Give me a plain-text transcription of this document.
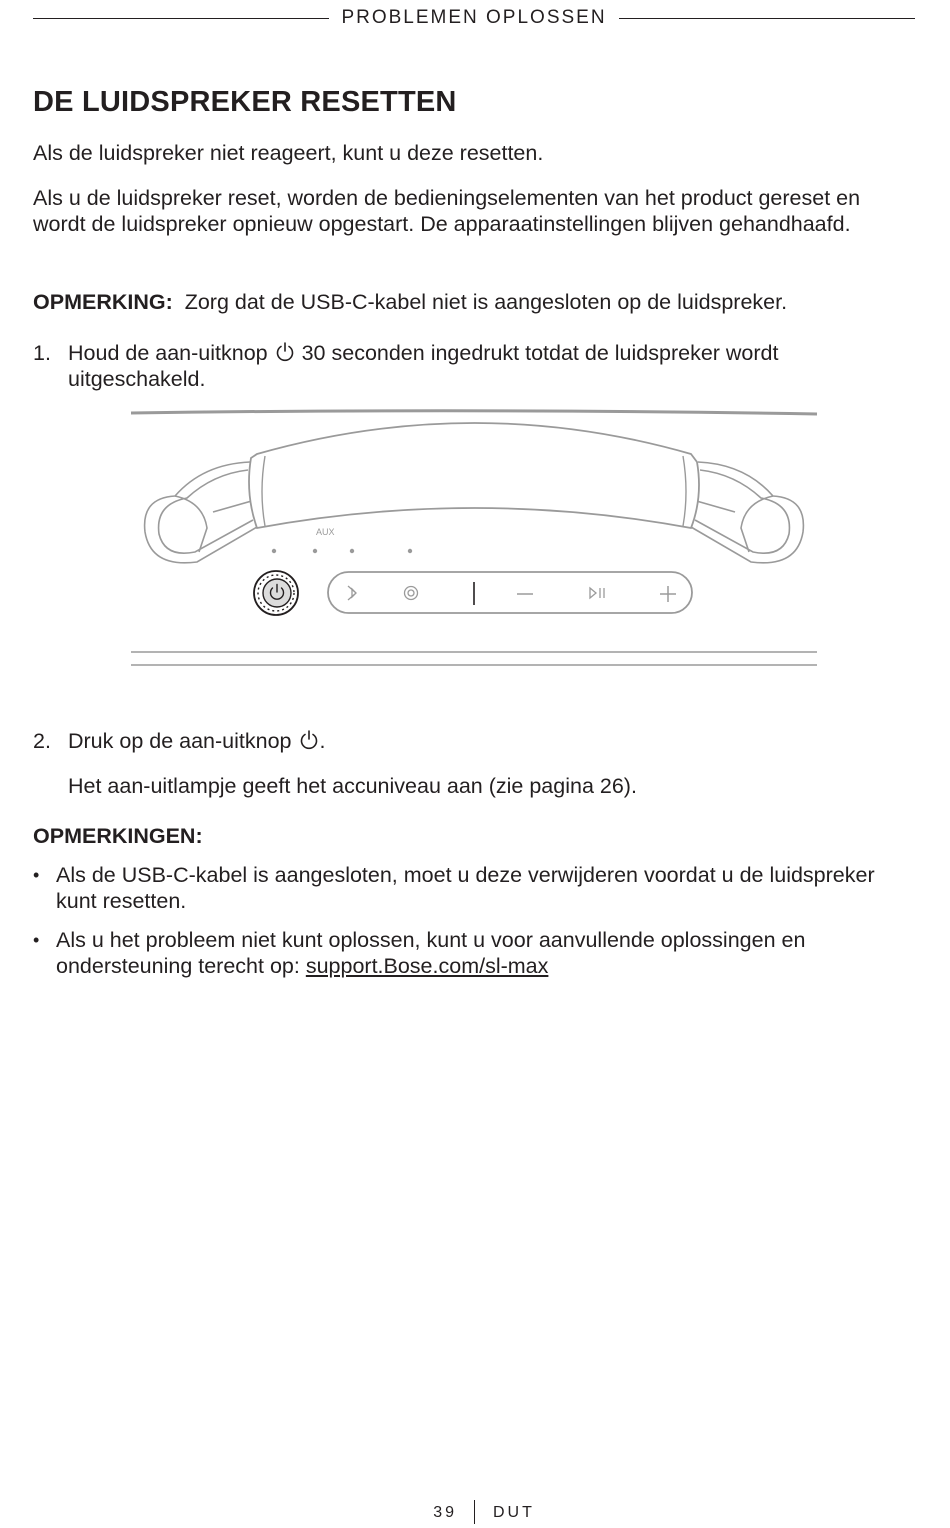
PROBLEMEN OPLOSSEN
DE LUIDSPREKER RESETTEN

Als de luidspreker niet reageert, kunt u deze resetten.

Als u de luidspreker reset, worden de bedieningselementen van het product gereset en wordt de luidspreker opnieuw opgestart. De apparaatinstellingen blijven gehandhaafd.

OPMERKING: Zorg dat de USB-C-kabel niet is aangesloten op de luidspreker.

1. Houd de aan-uitknop 30 seconden ingedrukt totdat de luidspreker wordt uitgeschakeld.
AUX
2. Druk op de aan-uitknop .
Het aan-uitlampje geeft het accuniveau aan (zie pagina 26).
OPMERKINGEN:
• Als de USB-C-kabel is aangesloten, moet u deze verwijderen voordat u de luidspreker kunt resetten.
• Als u het probleem niet kunt oplossen, kunt u voor aanvullende oplossingen en ondersteuning terecht op: support.Bose.com/sl-max
39 DUT
